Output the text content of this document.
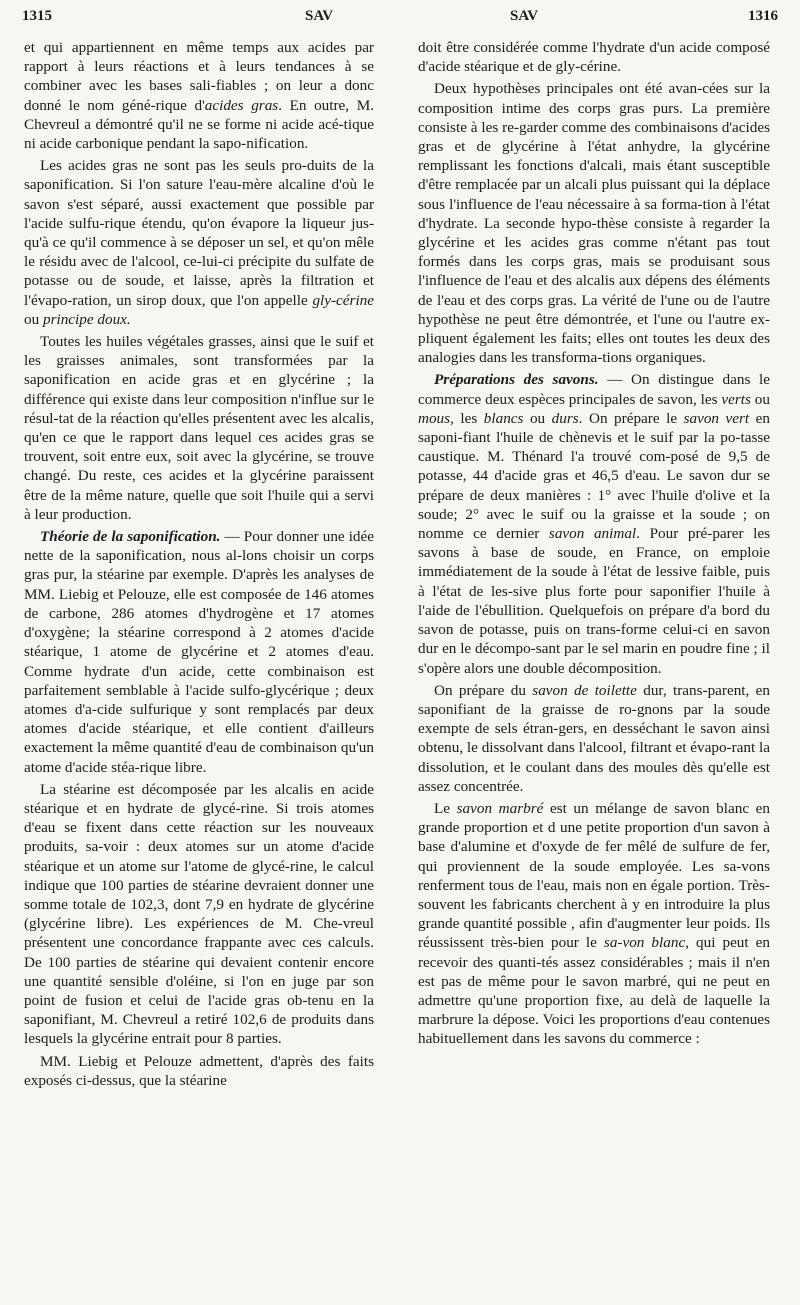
1315	SAV	SAV	1316

et qui appartiennent en même temps aux acides par rapport à leurs réactions et à leurs tendances à se combiner avec les bases sali-fiables ; on leur a donc donné le nom géné-rique d'acides gras. En outre, M. Chevreul a démontré qu'il ne se forme ni acide acé-tique ni acide carbonique pendant la sapo-nification.

Les acides gras ne sont pas les seuls pro-duits de la saponification. Si l'on sature l'eau-mère alcaline d'où le savon s'est séparé, aussi exactement que possible par l'acide sulfu-rique étendu, qu'on évapore la liqueur jus-qu'à ce qu'il commence à se déposer un sel, et qu'on mêle le résidu avec de l'alcool, ce-lui-ci précipite du sulfate de potasse ou de soude, et laisse, après la filtration et l'évapo-ration, un sirop doux, que l'on appelle gly-cérine ou principe doux.

Toutes les huiles végétales grasses, ainsi que le suif et les graisses animales, sont transformées par la saponification en acide gras et en glycérine ; la différence qui existe dans leur composition n'influe sur le résul-tat de la réaction qu'elles présentent avec les alcalis, qu'en ce que le rapport dans lequel ces acides gras se trouvent, soit entre eux, soit avec la glycérine, se trouve changé. Du reste, ces acides et la glycérine paraissent être de la même nature, quelle que soit l'huile qui a servi à leur production.

Théorie de la saponification. — Pour donner une idée nette de la saponification, nous al-lons choisir un corps gras pur, la stéarine par exemple. D'après les analyses de MM. Liebig et Pelouze, elle est composée de 146 atomes de carbone, 286 atomes d'hydrogène et 17 atomes d'oxygène; la stéarine correspond à 2 atomes d'acide stéarique, 1 atome de glycérine et 2 atomes d'eau. Comme hydrate d'un acide, cette combinaison est parfaitement semblable à l'acide sulfo-glycérique ; deux atomes d'a-cide sulfurique y sont remplacés par deux atomes d'acide stéarique, et elle contient d'ailleurs exactement la même quantité d'eau de combinaison qu'un atome d'acide stéa-rique libre.

La stéarine est décomposée par les alcalis en acide stéarique et en hydrate de glycé-rine. Si trois atomes d'eau se fixent dans cette réaction sur les nouveaux produits, sa-voir : deux atomes sur un atome d'acide stéarique et un atome sur l'atome de glycé-rine, le calcul indique que 100 parties de stéarine devraient donner une somme totale de 102,3, dont 7,9 en hydrate de glycérine (glycérine libre). Les expériences de M. Che-vreul présentent une concordance frappante avec ces calculs. De 100 parties de stéarine qui devaient contenir encore une quantité sensible d'oléine, si l'on en juge par son point de fusion et celui de l'acide gras ob-tenu en la saponifiant, M. Chevreul a retiré 102,6 de produits dans lesquels la glycérine entrait pour 8 parties.

MM. Liebig et Pelouze admettent, d'après des faits exposés ci-dessus, que la stéarine

doit être considérée comme l'hydrate d'un acide composé d'acide stéarique et de gly-cérine.

Deux hypothèses principales ont été avan-cées sur la composition intime des corps gras purs. La première consiste à les re-garder comme des combinaisons d'acides gras et de glycérine à l'état anhydre, la glycérine remplissant les fonctions d'alcali, mais étant susceptible d'être remplacée par un alcali plus puissant qui la déplace sous l'influence de l'eau nécessaire à sa forma-tion à l'état d'hydrate. La seconde hypo-thèse consiste à regarder la glycérine et les acides gras comme n'étant pas tout formés dans les corps gras, mais se produisant sous l'influence de l'eau et des alcalis aux dépens des éléments de l'eau et des corps gras. La vérité de l'une ou de l'autre hypothèse ne peut être démontrée, et l'une ou l'autre ex-pliquent également les faits; elles ont toutes les deux des analogies dans les transforma-tions organiques.

Préparations des savons. — On distingue dans le commerce deux espèces principales de savon, les verts ou mous, les blancs ou durs. On prépare le savon vert en saponi-fiant l'huile de chènevis et le suif par la po-tasse caustique. M. Thénard l'a trouvé com-posé de 9,5 de potasse, 44 d'acide gras et 46,5 d'eau. Le savon dur se prépare de deux manières : 1° avec l'huile d'olive et la soude; 2° avec le suif ou la graisse et la soude ; on nomme ce dernier savon animal. Pour pré-parer les savons à base de soude, en France, on emploie immédiatement de la soude à l'état de lessive faible, puis à l'état de les-sive plus forte pour saponifier l'huile à l'aide de l'ébullition. Quelquefois on prépare d'a bord du savon de potasse, puis on trans-forme celui-ci en savon dur en le décompo-sant par le sel marin en poudre fine ; il s'opère alors une double décomposition.

On prépare du savon de toilette dur, trans-parent, en saponifiant de la graisse de ro-gnons par la soude exempte de sels étran-gers, en desséchant le savon ainsi obtenu, le dissolvant dans l'alcool, filtrant et évapo-rant la dissolution, et le coulant dans des moules dès qu'elle est assez concentrée.

Le savon marbré est un mélange de savon blanc en grande proportion et d une petite proportion d'un savon à base d'alumine et d'oxyde de fer mêlé de sulfure de fer, qui proviennent de la soude employée. Les sa-vons renferment tous de l'eau, mais non en égale portion. Très-souvent les fabricants cherchent à y en introduire la plus grande quantité possible , afin d'augmenter leur poids. Ils réussissent très-bien pour le sa-von blanc, qui peut en recevoir des quanti-tés assez considérables ; mais il n'en est pas de même pour le savon marbré, qui ne peut en admettre qu'une proportion fixe, au delà de laquelle la marbrure la dépose. Voici les proportions d'eau contenues habituellement dans les savons du commerce :
